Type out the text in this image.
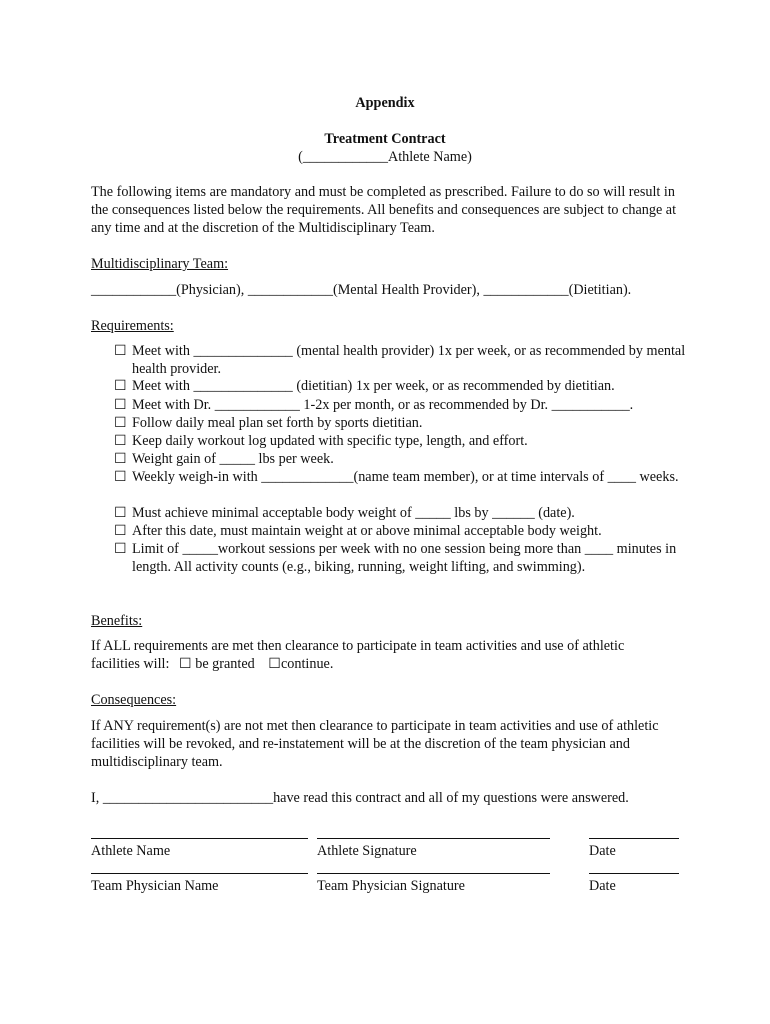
Appendix
Treatment Contract
(____________Athlete Name)
The following items are mandatory and must be completed as prescribed. Failure to do so will result in the consequences listed below the requirements. All benefits and consequences are subject to change at any time and at the discretion of the Multidisciplinary Team.
Multidisciplinary Team:
____________(Physician), ____________(Mental Health Provider), ____________(Dietitian).
Requirements:
☐ Meet with ______________ (mental health provider) 1x per week, or as recommended by mental health provider.
☐ Meet with ______________ (dietitian) 1x per week, or as recommended by dietitian.
☐ Meet with Dr. ____________ 1-2x per month, or as recommended by Dr. ___________.
☐ Follow daily meal plan set forth by sports dietitian.
☐ Keep daily workout log updated with specific type, length, and effort.
☐ Weight gain of _____ lbs per week.
☐ Weekly weigh-in with _____________(name team member), or at time intervals of ____ weeks.
☐ Must achieve minimal acceptable body weight of _____ lbs by ______ (date).
☐ After this date, must maintain weight at or above minimal acceptable body weight.
☐ Limit of _____workout sessions per week with no one session being more than ____ minutes in length. All activity counts (e.g., biking, running, weight lifting, and swimming).
Benefits:
If ALL requirements are met then clearance to participate in team activities and use of athletic
facilities will: ☐ be granted ☐continue.
Consequences:
If ANY requirement(s) are not met then clearance to participate in team activities and use of athletic facilities will be revoked, and re-instatement will be at the discretion of the team physician and multidisciplinary team.
I, ________________________have read this contract and all of my questions were answered.
Athlete Name	Athlete Signature	Date
Team Physician Name	Team Physician Signature	Date
